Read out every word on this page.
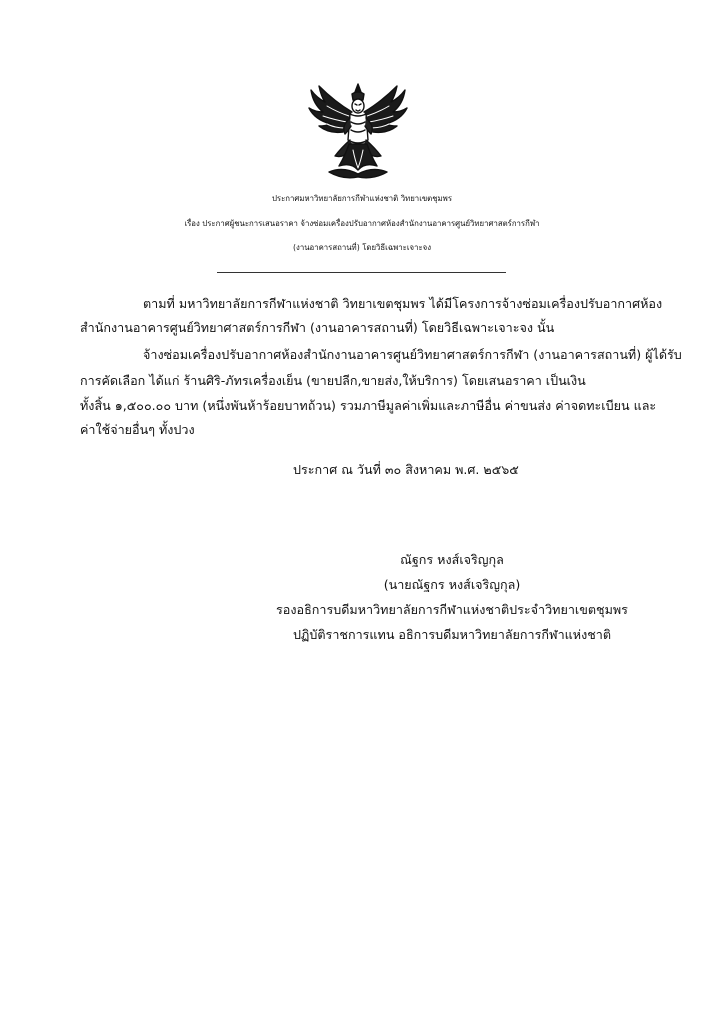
ประกาศมหาวิทยาลัยการกีฬาแห่งชาติ วิทยาเขตชุมพร
เรื่อง ประกาศผู้ชนะการเสนอราคา จ้างซ่อมเครื่องปรับอากาศห้องสำนักงานอาคารศูนย์วิทยาศาสตร์การกีฬา
(งานอาคารสถานที่) โดยวิธีเฉพาะเจาะจง
ตามที่ มหาวิทยาลัยการกีฬาแห่งชาติ วิทยาเขตชุมพร ได้มีโครงการจ้างซ่อมเครื่องปรับอากาศห้อง
สำนักงานอาคารศูนย์วิทยาศาสตร์การกีฬา (งานอาคารสถานที่) โดยวิธีเฉพาะเจาะจง นั้น
จ้างซ่อมเครื่องปรับอากาศห้องสำนักงานอาคารศูนย์วิทยาศาสตร์การกีฬา (งานอาคารสถานที่) ผู้ได้รับ
การคัดเลือก ได้แก่ ร้านศิริ-ภัทรเครื่องเย็น (ขายปลีก,ขายส่ง,ให้บริการ) โดยเสนอราคา เป็นเงิน
ทั้งสิ้น ๑,๕๐๐.๐๐ บาท (หนึ่งพันห้าร้อยบาทถ้วน) รวมภาษีมูลค่าเพิ่มและภาษีอื่น ค่าขนส่ง ค่าจดทะเบียน และ
ค่าใช้จ่ายอื่นๆ ทั้งปวง
ประกาศ ณ วันที่ ๓๐ สิงหาคม พ.ศ. ๒๕๖๕
ณัฐกร หงส์เจริญกุล
(นายณัฐกร หงส์เจริญกุล)
รองอธิการบดีมหาวิทยาลัยการกีฬาแห่งชาติประจำวิทยาเขตชุมพร
ปฏิบัติราชการแทน อธิการบดีมหาวิทยาลัยการกีฬาแห่งชาติ
